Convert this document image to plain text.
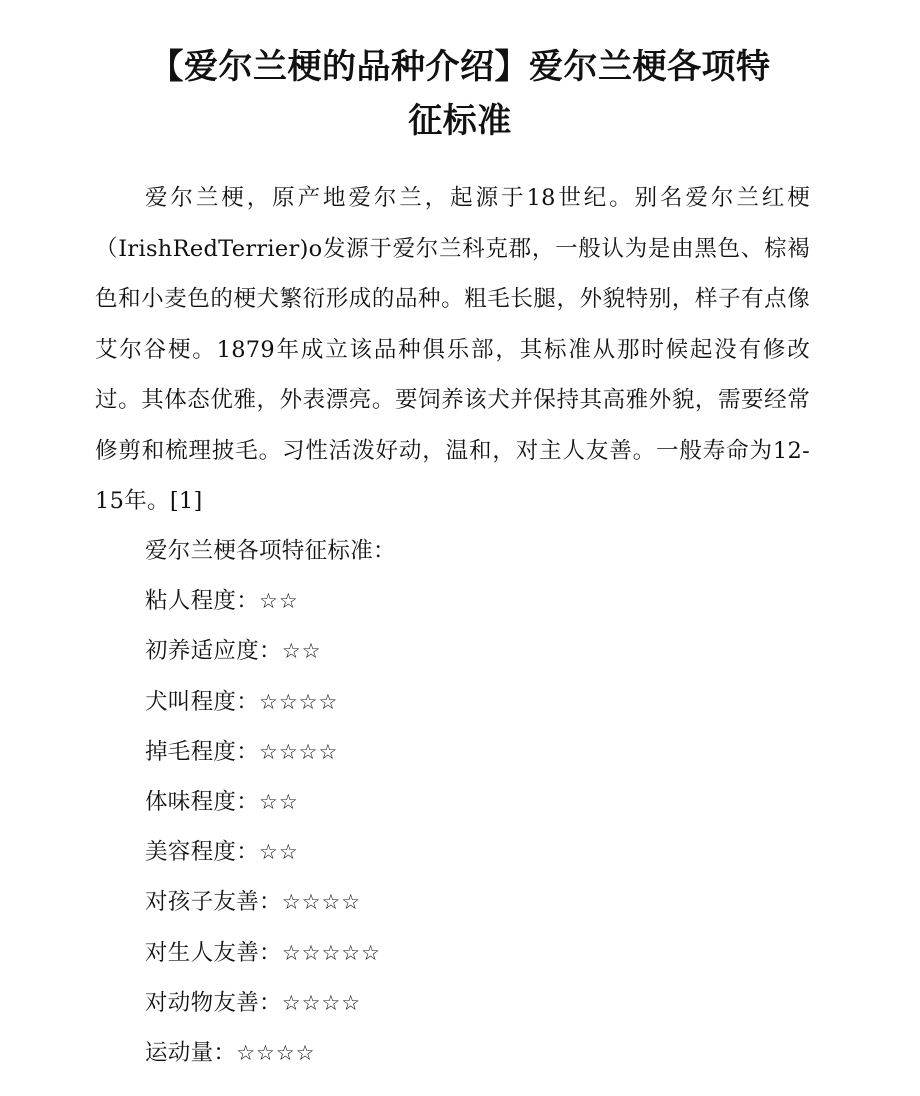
【爱尔兰梗的品种介绍】爱尔兰梗各项特
征标准

爱尔兰梗，原产地爱尔兰，起源于18世纪。别名爱尔兰红梗（IrishRedTerrier)o发源于爱尔兰科克郡，一般认为是由黑色、棕褐色和小麦色的梗犬繁衍形成的品种。粗毛长腿，外貌特别，样子有点像艾尔谷梗。1879年成立该品种俱乐部，其标准从那时候起没有修改过。其体态优雅，外表漂亮。要饲养该犬并保持其高雅外貌，需要经常修剪和梳理披毛。习性活泼好动，温和，对主人友善。一般寿命为12-15年。[1]

爱尔兰梗各项特征标准：
粘人程度：☆☆
初养适应度：☆☆
犬叫程度：☆☆☆☆
掉毛程度：☆☆☆☆
体味程度：☆☆
美容程度：☆☆
对孩子友善：☆☆☆☆
对生人友善：☆☆☆☆☆
对动物友善：☆☆☆☆
运动量：☆☆☆☆
